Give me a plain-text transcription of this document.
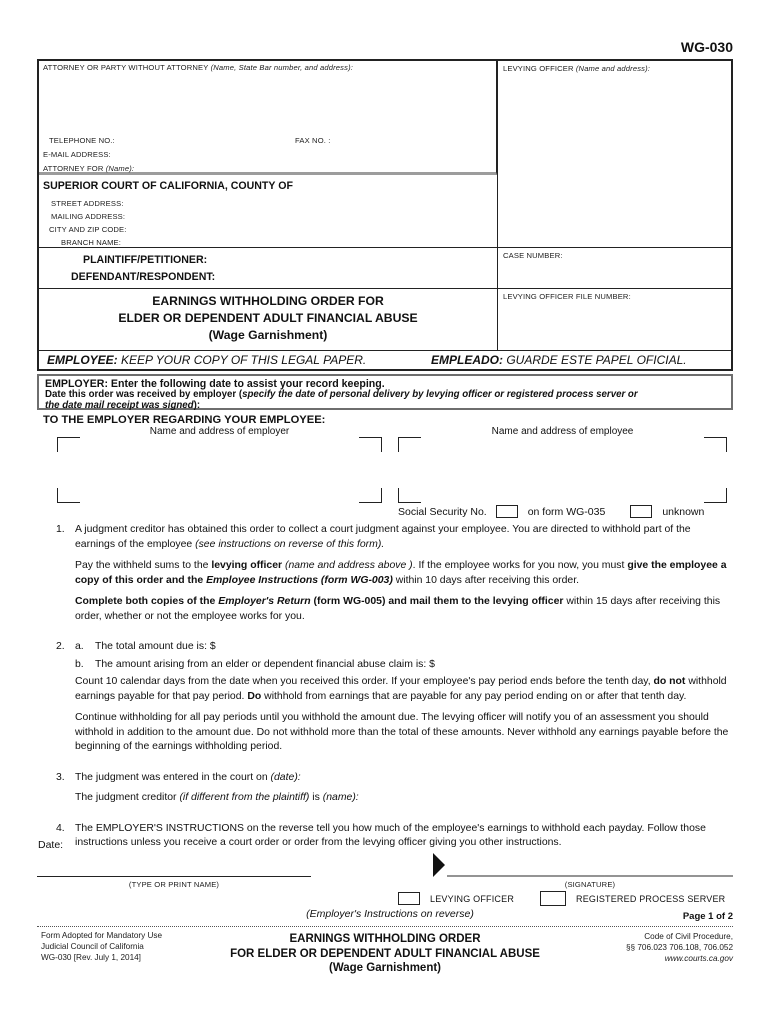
WG-030
ATTORNEY OR PARTY WITHOUT ATTORNEY (Name, State Bar number, and address):
TELEPHONE NO.:	FAX NO. :
E-MAIL ADDRESS:
ATTORNEY FOR (Name):
SUPERIOR COURT OF CALIFORNIA, COUNTY OF
STREET ADDRESS:
MAILING ADDRESS:
CITY AND ZIP CODE:
BRANCH NAME:
LEVYING OFFICER (Name and address):
PLAINTIFF/PETITIONER:
DEFENDANT/RESPONDENT:
CASE NUMBER:
EARNINGS WITHHOLDING ORDER FOR
ELDER OR DEPENDENT ADULT FINANCIAL ABUSE
(Wage Garnishment)
LEVYING OFFICER FILE NUMBER:
EMPLOYEE: KEEP YOUR COPY OF THIS LEGAL PAPER.	EMPLEADO: GUARDE ESTE PAPEL OFICIAL.
EMPLOYER: Enter the following date to assist your record keeping.
Date this order was received by employer (specify the date of personal delivery by levying officer or registered process server or the date mail receipt was signed):
TO THE EMPLOYER REGARDING YOUR EMPLOYEE:
Name and address of employer	Name and address of employee
Social Security No.	on form WG-035	unknown
1. A judgment creditor has obtained this order to collect a court judgment against your employee. You are directed to withhold part of the earnings of the employee (see instructions on reverse of this form).

Pay the withheld sums to the levying officer (name and address above ). If the employee works for you now, you must give the employee a copy of this order and the Employee Instructions (form WG-003) within 10 days after receiving this order.

Complete both copies of the Employer's Return (form WG-005) and mail them to the levying officer within 15 days after receiving this order, whether or not the employee works for you.

2. a.	The total amount due is: $
b.	The amount arising from an elder or dependent financial abuse claim is: $

Count 10 calendar days from the date when you received this order. If your employee's pay period ends before the tenth day, do not withhold earnings payable for that pay period. Do withhold from earnings that are payable for any pay period ending on or after that tenth day.

Continue withholding for all pay periods until you withhold the amount due. The levying officer will notify you of an assessment you should withhold in addition to the amount due. Do not withhold more than the total of these amounts. Never withhold any earnings payable before the beginning of the earnings withholding period.

3. The judgment was entered in the court on (date):

The judgment creditor (if different from the plaintiff) is (name):

4. The EMPLOYER'S INSTRUCTIONS on the reverse tell you how much of the employee's earnings to withhold each payday. Follow those instructions unless you receive a court order or order from the levying officer giving you other instructions.

Date:
(TYPE OR PRINT NAME)	(SIGNATURE)
LEVYING OFFICER	REGISTERED PROCESS SERVER
(Employer's Instructions on reverse)	Page 1 of 2
Form Adopted for Mandatory Use
Judicial Council of California
WG-030 [Rev. July 1, 2014]
EARNINGS WITHHOLDING ORDER
FOR ELDER OR DEPENDENT ADULT FINANCIAL ABUSE
(Wage Garnishment)
Code of Civil Procedure,
§§ 706.023 706.108, 706.052
www.courts.ca.gov
